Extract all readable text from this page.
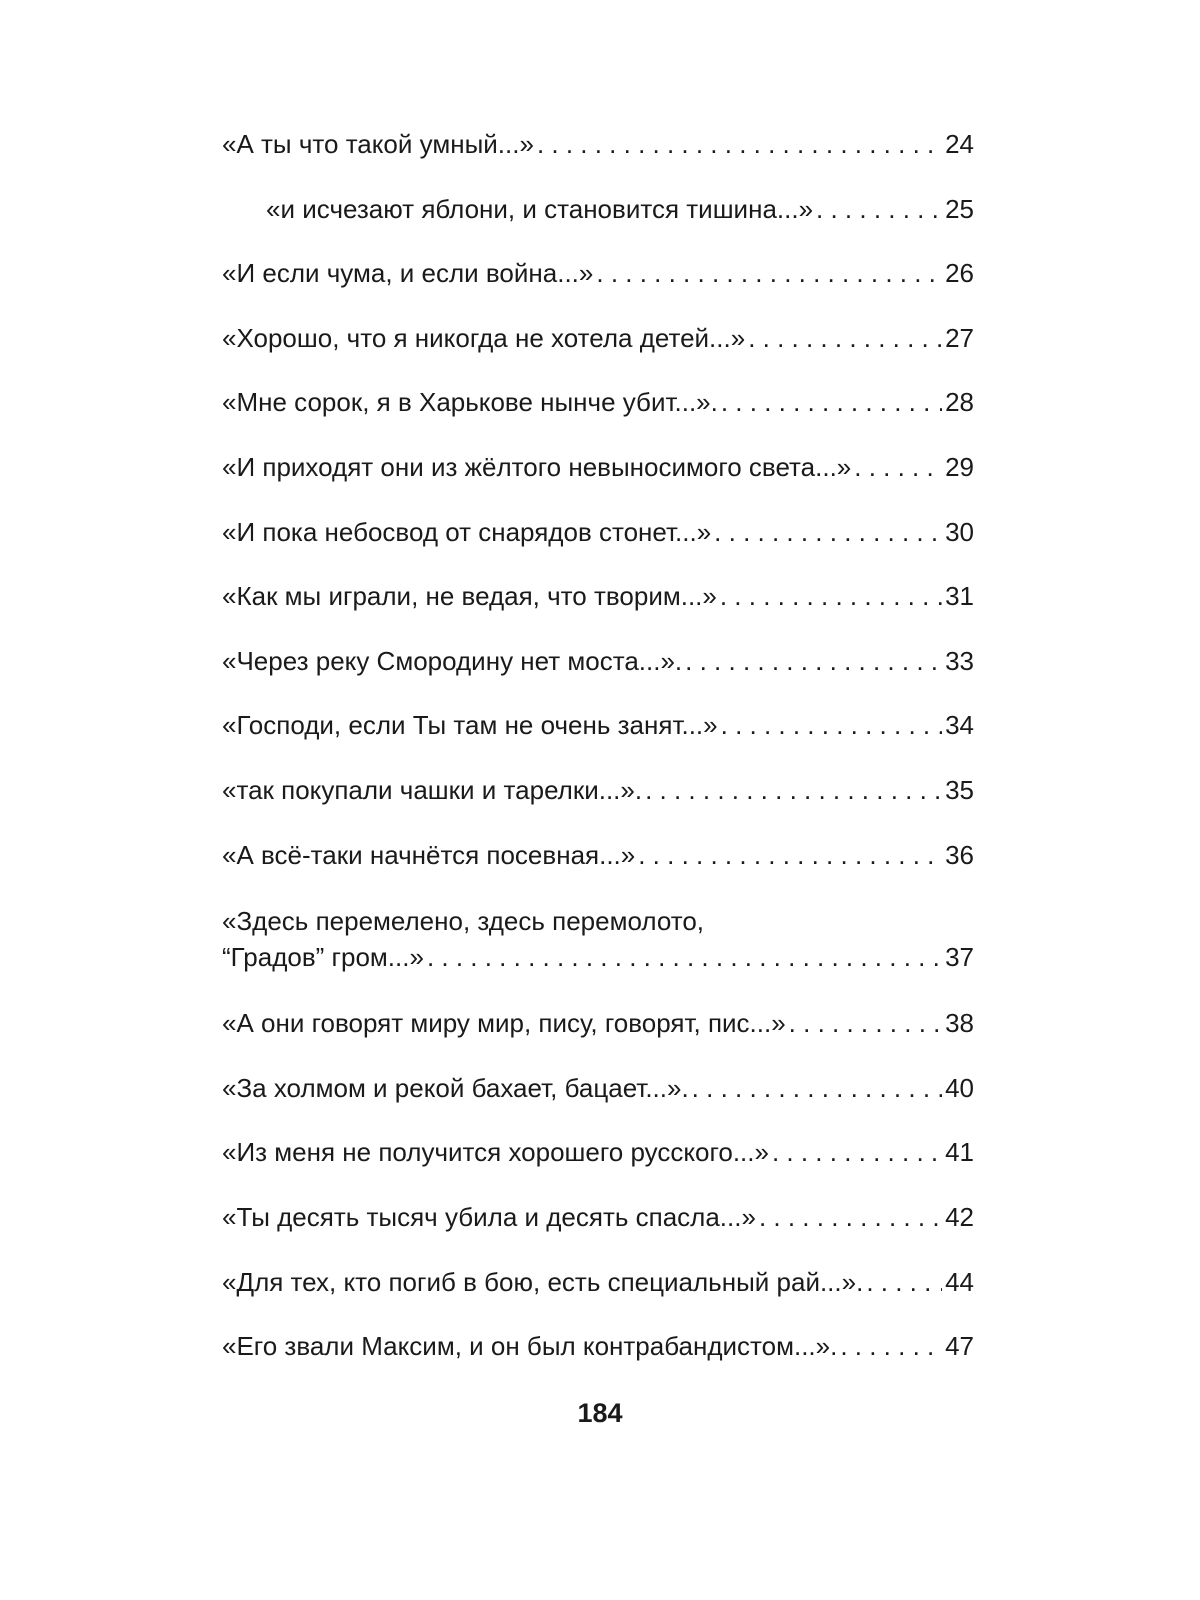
«А ты что такой умный...» . . .	24
«и исчезают яблони, и становится тишина...» . . .	25
«И если чума, и если война...» . . .	26
«Хорошо, что я никогда не хотела детей...» . . .	27
«Мне сорок, я в Харькове нынче убит...». . . .	28
«И приходят они из жёлтого невыносимого света...» . . .	29
«И пока небосвод от снарядов стонет...» . . .	30
«Как мы играли, не ведая, что творим...» . . .	31
«Через реку Смородину нет моста...». . . .	33
«Господи, если Ты там не очень занят...» . . .	34
«так покупали чашки и тарелки...». . . .	35
«А всё-таки начнётся посевная...» . . .	36
«Здесь перемелено, здесь перемолото,
“Градов” гром...» . . .	37
«А они говорят миру мир, пису, говорят, пис...» . . .	38
«За холмом и рекой бахает, бацает...». . . .	40
«Из меня не получится хорошего русского...» . . .	41
«Ты десять тысяч убила и десять спасла...» . . .	42
«Для тех, кто погиб в бою, есть специальный рай...». . . .	44
«Его звали Максим, и он был контрабандистом...». . . .	47
184
